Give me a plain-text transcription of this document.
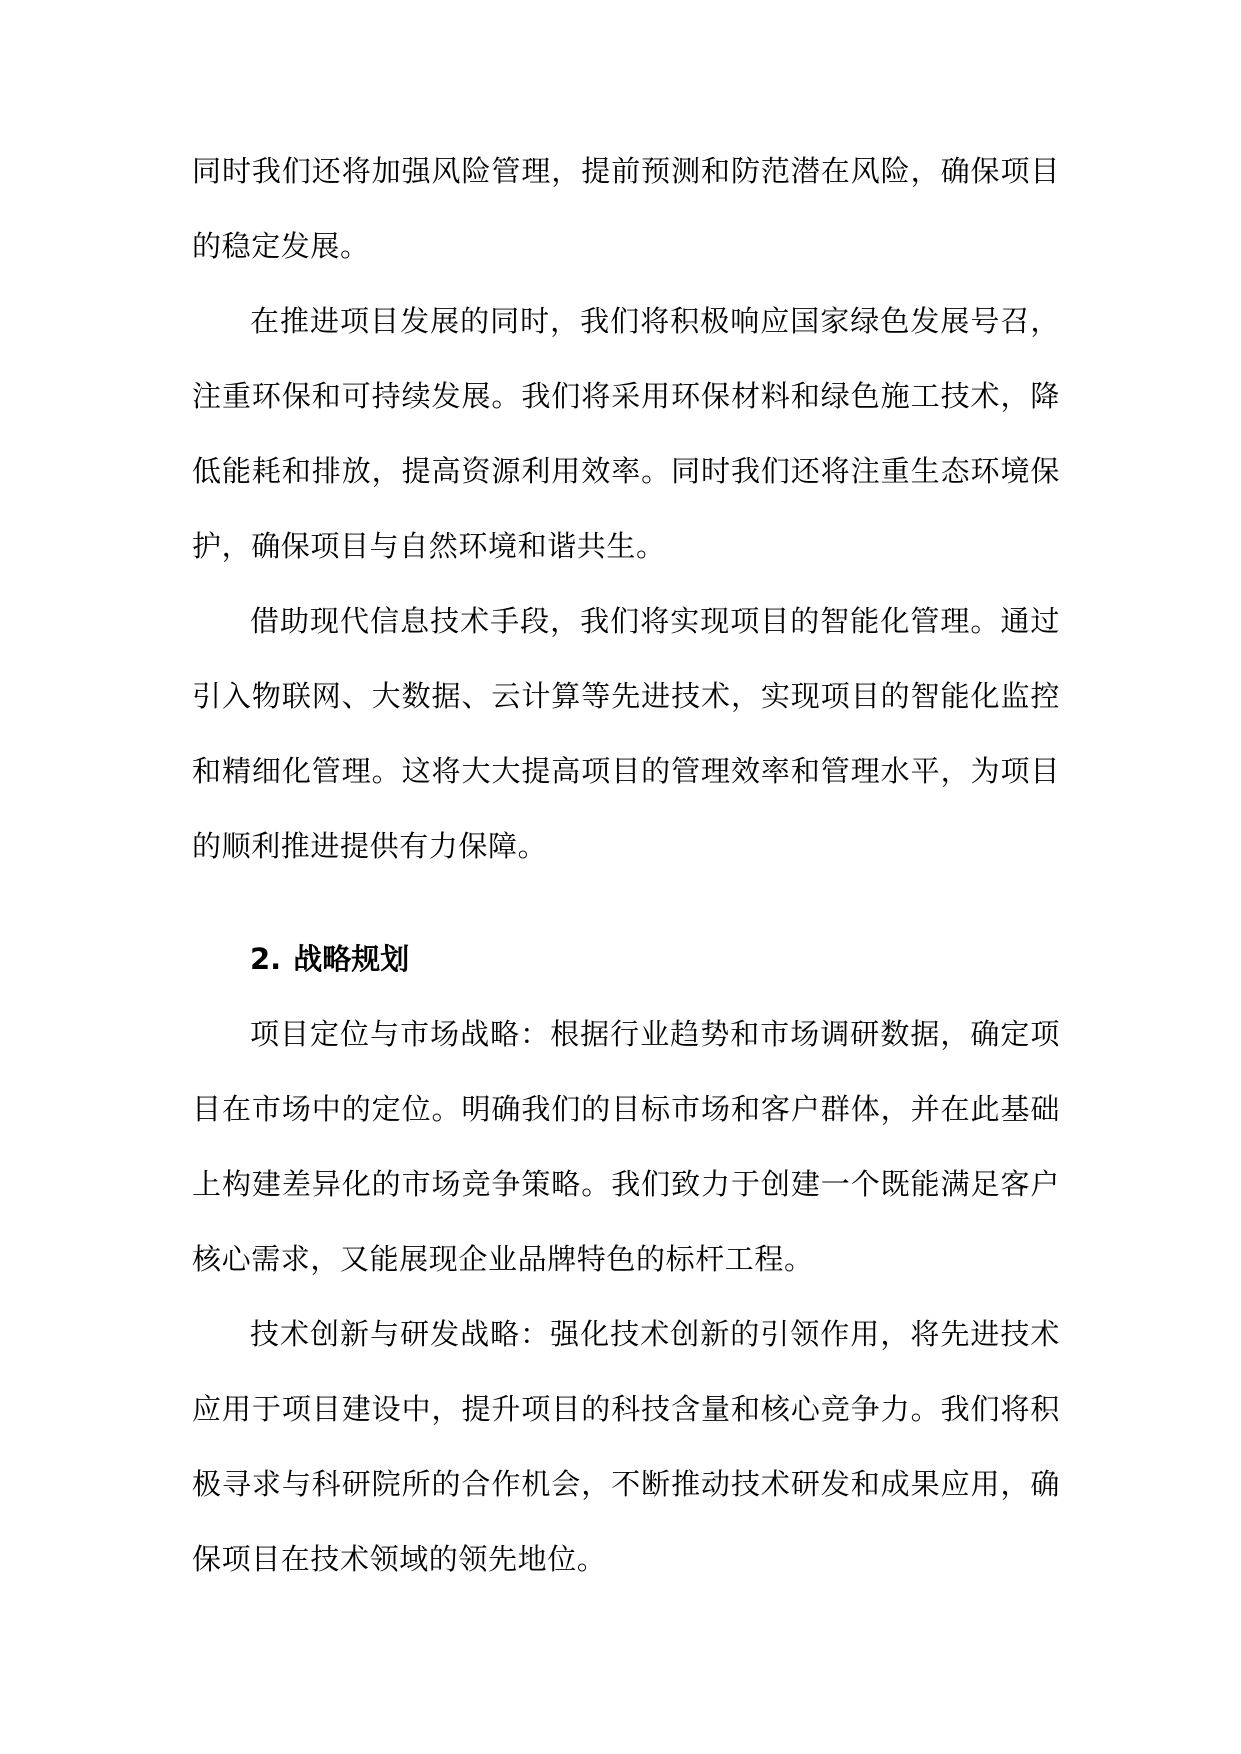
同时我们还将加强风险管理，提前预测和防范潜在风险，确保项目的稳定发展。

在推进项目发展的同时，我们将积极响应国家绿色发展号召，注重环保和可持续发展。我们将采用环保材料和绿色施工技术，降低能耗和排放，提高资源利用效率。同时我们还将注重生态环境保护，确保项目与自然环境和谐共生。

借助现代信息技术手段，我们将实现项目的智能化管理。通过引入物联网、大数据、云计算等先进技术，实现项目的智能化监控和精细化管理。这将大大提高项目的管理效率和管理水平，为项目的顺利推进提供有力保障。

2. 战略规划

项目定位与市场战略：根据行业趋势和市场调研数据，确定项目在市场中的定位。明确我们的目标市场和客户群体，并在此基础上构建差异化的市场竞争策略。我们致力于创建一个既能满足客户核心需求，又能展现企业品牌特色的标杆工程。

技术创新与研发战略：强化技术创新的引领作用，将先进技术应用于项目建设中，提升项目的科技含量和核心竞争力。我们将积极寻求与科研院所的合作机会，不断推动技术研发和成果应用，确保项目在技术领域的领先地位。
